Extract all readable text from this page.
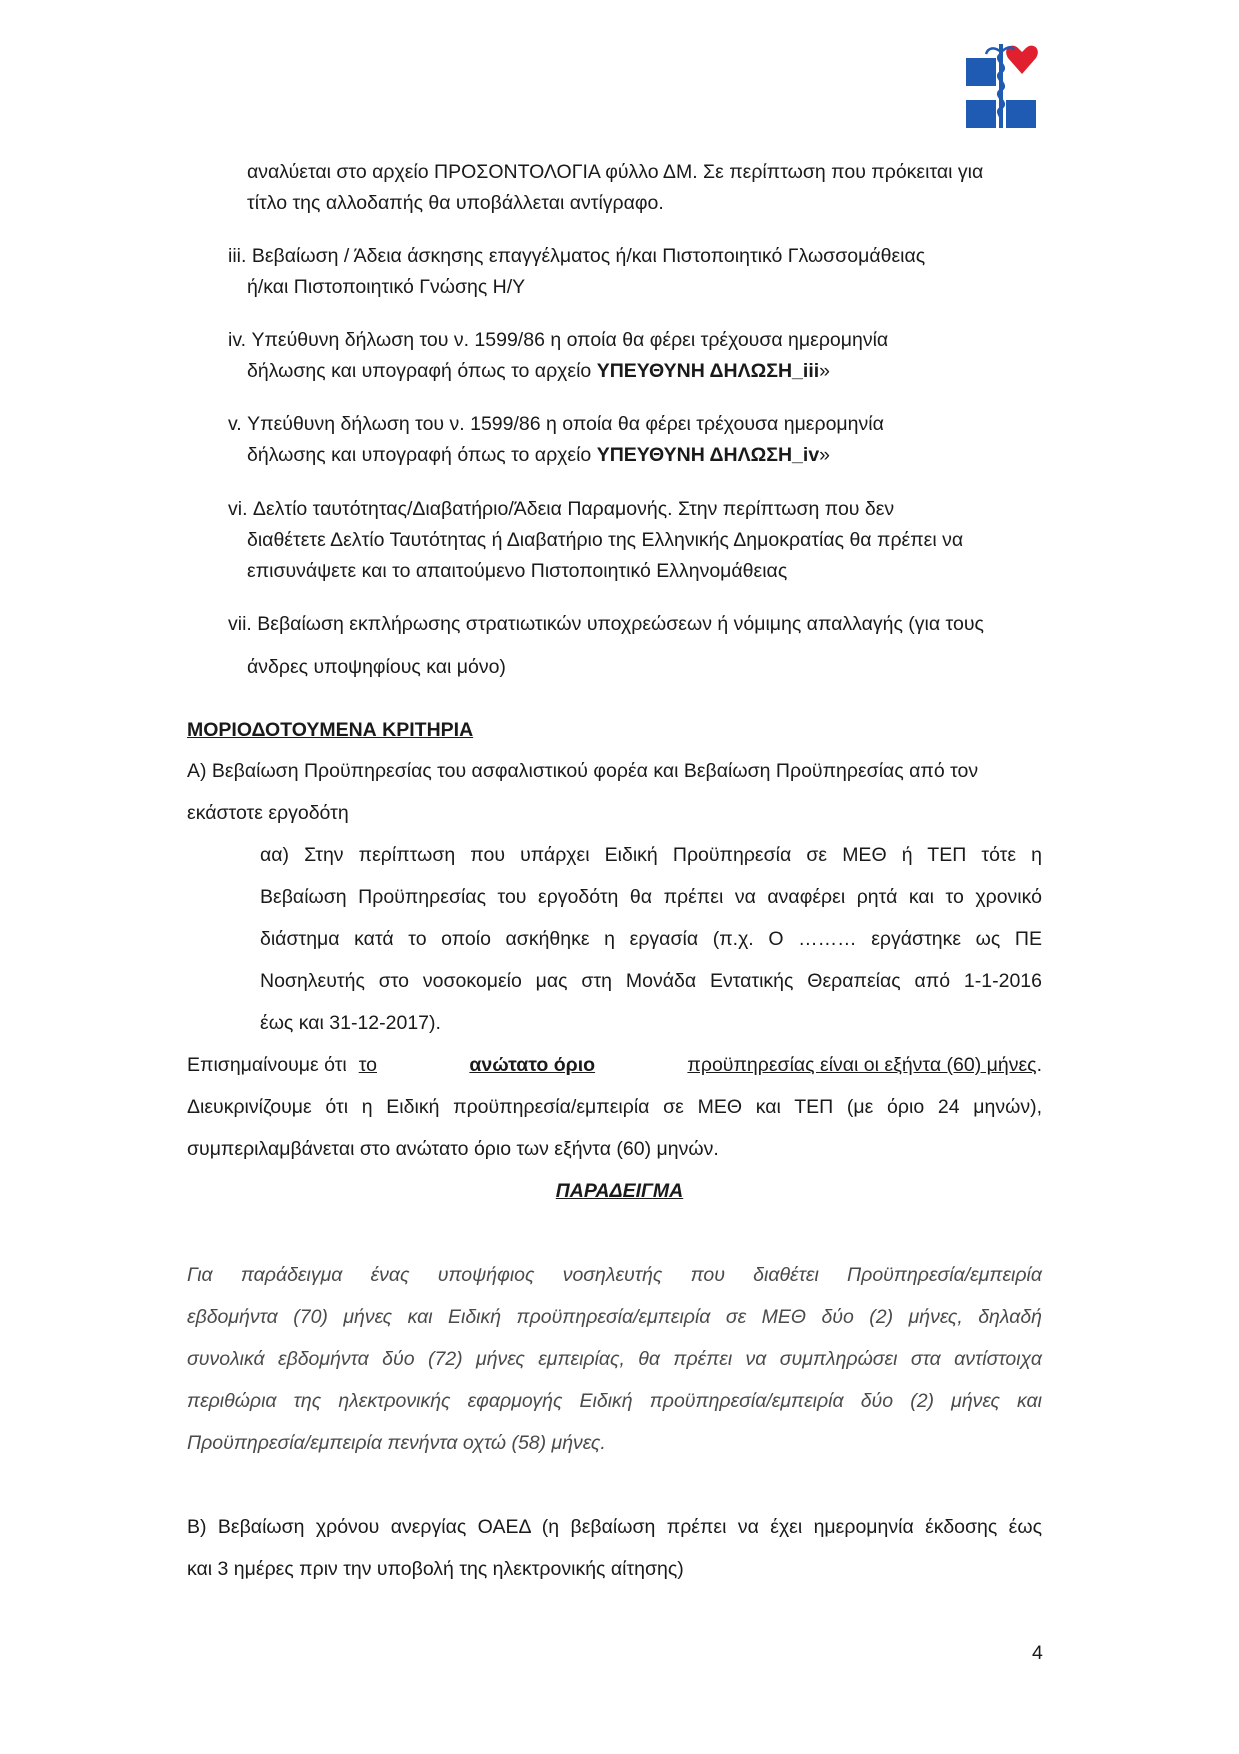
αναλύεται στο αρχείο ΠΡΟΣΟΝΤΟΛΟΓΙΑ φύλλο ΔΜ. Σε περίπτωση που πρόκειται για
τίτλο της αλλοδαπής θα υποβάλλεται αντίγραφο.
iii. Βεβαίωση / Άδεια άσκησης επαγγέλματος ή/και Πιστοποιητικό Γλωσσομάθειας
ή/και Πιστοποιητικό Γνώσης Η/Υ
iv. Υπεύθυνη δήλωση του ν. 1599/86 η οποία θα φέρει τρέχουσα ημερομηνία
δήλωσης και υπογραφή όπως το αρχείο ΥΠΕΥΘΥΝΗ ΔΗΛΩΣΗ_iii»
v. Υπεύθυνη δήλωση του ν. 1599/86 η οποία θα φέρει τρέχουσα ημερομηνία
δήλωσης και υπογραφή όπως το αρχείο ΥΠΕΥΘΥΝΗ ΔΗΛΩΣΗ_iv»
vi. Δελτίο ταυτότητας/Διαβατήριο/Άδεια Παραμονής. Στην περίπτωση που δεν
διαθέτετε Δελτίο Ταυτότητας ή Διαβατήριο της Ελληνικής Δημοκρατίας θα πρέπει να
επισυνάψετε και το απαιτούμενο Πιστοποιητικό Ελληνομάθειας
vii. Βεβαίωση εκπλήρωσης στρατιωτικών υποχρεώσεων ή νόμιμης απαλλαγής (για τους
άνδρες υποψηφίους και μόνο)
ΜΟΡΙΟΔΟΤΟΥΜΕΝΑ ΚΡΙΤΗΡΙΑ
Α) Βεβαίωση Προϋπηρεσίας του ασφαλιστικού φορέα και Βεβαίωση Προϋπηρεσίας από τον
εκάστοτε εργοδότη
αα) Στην περίπτωση που υπάρχει Ειδική Προϋπηρεσία σε ΜΕΘ ή ΤΕΠ τότε η
Βεβαίωση Προϋπηρεσίας του εργοδότη θα πρέπει να αναφέρει ρητά και το χρονικό
διάστημα κατά το οποίο ασκήθηκε η εργασία (π.χ. Ο ……… εργάστηκε ως ΠΕ
Νοσηλευτής στο νοσοκομείο μας στη Μονάδα Εντατικής Θεραπείας από 1-1-2016
έως και 31-12-2017).
Επισημαίνουμε ότι το	ανώτατο όριο	προϋπηρεσίας είναι οι εξήντα (60) μήνες .
Διευκρινίζουμε ότι η Ειδική προϋπηρεσία/εμπειρία σε ΜΕΘ και ΤΕΠ (με όριο 24 μηνών),
συμπεριλαμβάνεται στο ανώτατο όριο των εξήντα (60) μηνών.
ΠΑΡΑΔΕΙΓΜΑ
Για παράδειγμα ένας υποψήφιος νοσηλευτής που διαθέτει Προϋπηρεσία/εμπειρία
εβδομήντα (70) μήνες και Ειδική προϋπηρεσία/εμπειρία σε ΜΕΘ δύο (2) μήνες, δηλαδή
συνολικά εβδομήντα δύο (72) μήνες εμπειρίας, θα πρέπει να συμπληρώσει στα αντίστοιχα
περιθώρια της ηλεκτρονικής εφαρμογής Ειδική προϋπηρεσία/εμπειρία δύο (2) μήνες και
Προϋπηρεσία/εμπειρία πενήντα οχτώ (58) μήνες.
Β) Βεβαίωση χρόνου ανεργίας ΟΑΕΔ (η βεβαίωση πρέπει να έχει ημερομηνία έκδοσης έως
και 3 ημέρες πριν την υποβολή της ηλεκτρονικής αίτησης)
4
